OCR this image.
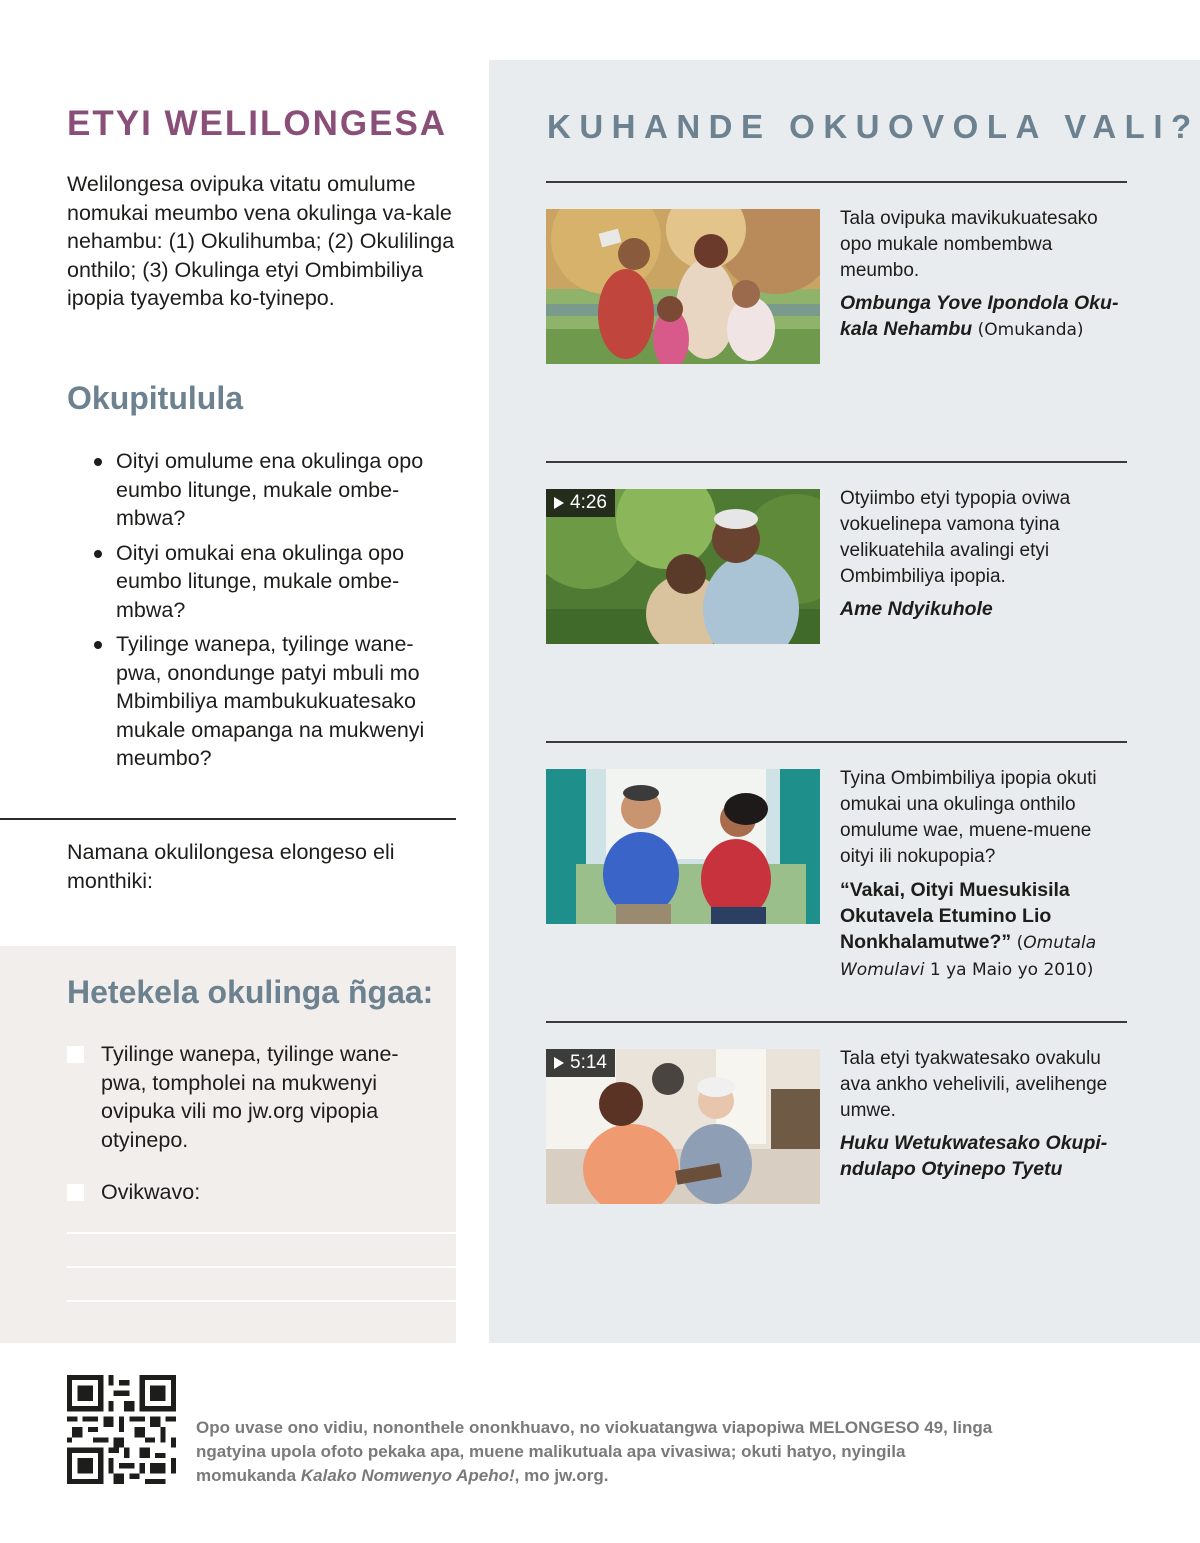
ETYI WELILONGESA

Welilongesa ovipuka vitatu omulume nomukai meumbo vena okulinga va-kale nehambu: (1) Okulihumba; (2) Okulilinga onthilo; (3) Okulinga etyi Ombimbiliya ipopia tyayemba ko-tyinepo.

Okupitulula
Oityi omulume ena okulinga opo eumbo litunge, mukale ombe-mbwa?
Oityi omukai ena okulinga opo eumbo litunge, mukale ombe-mbwa?
Tyilinge wanepa, tyilinge wane-pwa, onondunge patyi mbuli mo Mbimbiliya mambukukuatesako mukale omapanga na mukwenyi meumbo?

Namana okulilongesa elongeso eli monthiki:

Hetekela okulinga ñgaa:
Tyilinge wanepa, tyilinge wane-pwa, tompholei na mukwenyi ovipuka vili mo jw.org vipopia otyinepo.
Ovikwavo:
KUHANDE OKUOVOLA VALI?

Tala ovipuka mavikukuatesako opo mukale nombembwa meumbo.

Ombunga Yove Ipondola Oku-kala Nehambu (Omukanda)

4:26	Otyiimbo etyi typopia oviwa vokuelinepa vamona tyina velikuatehila avalingi etyi Ombimbiliya ipopia.

Ame Ndyikuhole

Tyina Ombimbiliya ipopia okuti omukai una okulinga onthilo omulume wae, muene-muene oityi ili nokupopia?

“Vakai, Oityi Muesukisila Okutavela Etumino Lio Nonkhalamutwe?” (Omutala Womulavi 1 ya Maio yo 2010)

5:14	Tala etyi tyakwatesako ovakulu ava ankho vehelivili, avelihenge umwe.

Huku Wetukwatesako Okupi-ndulapo Otyinepo Tyetu

Opo uvase ono vidiu, nononthele ononkhuavo, no viokuatangwa viapopiwa MELONGESO 49, linga ngatyina upola ofoto pekaka apa, muene malikutuala apa vivasiwa; okuti hatyo, nyingila momukanda Kalako Nomwenyo Apeho!, mo jw.org.
